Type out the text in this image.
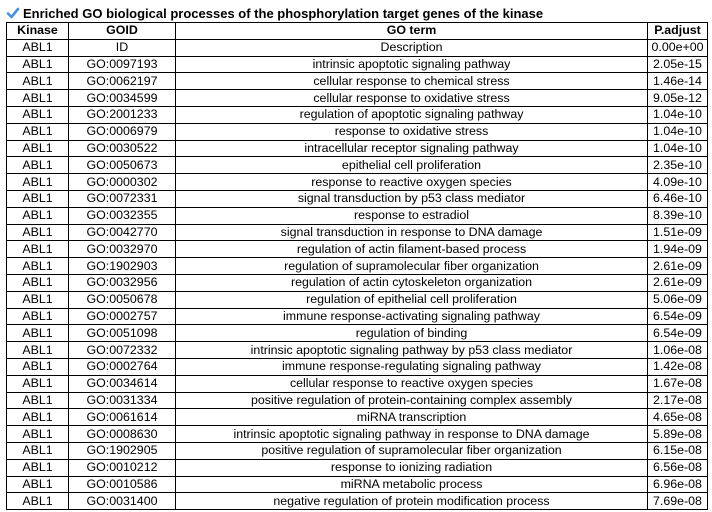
Enriched GO biological processes of the phosphorylation target genes of the kinase
Kinase	GOID	GO term	P.adjust
ABL1	ID	Description	0.00e+00
ABL1	GO:0097193	intrinsic apoptotic signaling pathway	2.05e-15
ABL1	GO:0062197	cellular response to chemical stress	1.46e-14
ABL1	GO:0034599	cellular response to oxidative stress	9.05e-12
ABL1	GO:2001233	regulation of apoptotic signaling pathway	1.04e-10
ABL1	GO:0006979	response to oxidative stress	1.04e-10
ABL1	GO:0030522	intracellular receptor signaling pathway	1.04e-10
ABL1	GO:0050673	epithelial cell proliferation	2.35e-10
ABL1	GO:0000302	response to reactive oxygen species	4.09e-10
ABL1	GO:0072331	signal transduction by p53 class mediator	6.46e-10
ABL1	GO:0032355	response to estradiol	8.39e-10
ABL1	GO:0042770	signal transduction in response to DNA damage	1.51e-09
ABL1	GO:0032970	regulation of actin filament-based process	1.94e-09
ABL1	GO:1902903	regulation of supramolecular fiber organization	2.61e-09
ABL1	GO:0032956	regulation of actin cytoskeleton organization	2.61e-09
ABL1	GO:0050678	regulation of epithelial cell proliferation	5.06e-09
ABL1	GO:0002757	immune response-activating signaling pathway	6.54e-09
ABL1	GO:0051098	regulation of binding	6.54e-09
ABL1	GO:0072332	intrinsic apoptotic signaling pathway by p53 class mediator	1.06e-08
ABL1	GO:0002764	immune response-regulating signaling pathway	1.42e-08
ABL1	GO:0034614	cellular response to reactive oxygen species	1.67e-08
ABL1	GO:0031334	positive regulation of protein-containing complex assembly	2.17e-08
ABL1	GO:0061614	miRNA transcription	4.65e-08
ABL1	GO:0008630	intrinsic apoptotic signaling pathway in response to DNA damage	5.89e-08
ABL1	GO:1902905	positive regulation of supramolecular fiber organization	6.15e-08
ABL1	GO:0010212	response to ionizing radiation	6.56e-08
ABL1	GO:0010586	miRNA metabolic process	6.96e-08
ABL1	GO:0031400	negative regulation of protein modification process	7.69e-08
